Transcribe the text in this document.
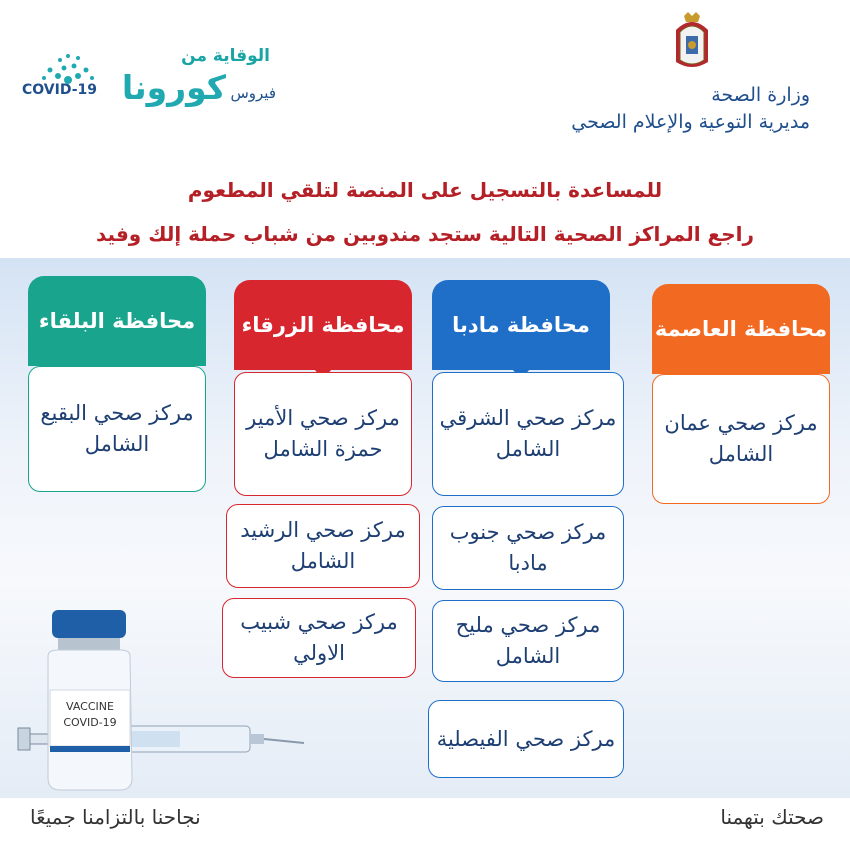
وزارة الصحة
مديرية التوعية والإعلام الصحي
الوقاية من
كورونا فيروس
COVID-19
للمساعدة بالتسجيل على المنصة لتلقي المطعوم
راجع المراكز الصحية التالية ستجد مندوبين من شباب حملة إلك وفيد
محافظة العاصمة
مركز صحي عمان الشامل
محافظة مادبا
مركز صحي الشرقي الشامل
مركز صحي جنوب مادبا
مركز صحي مليح الشامل
مركز صحي الفيصلية
محافظة الزرقاء
مركز صحي الأمير حمزة الشامل
مركز صحي الرشيد الشامل
مركز صحي شبيب الاولي
محافظة البلقاء
مركز صحي البقيع الشامل
VACCINE
COVID-19
نجاحنا بالتزامنا جميعًا	صحتك بتهمنا
